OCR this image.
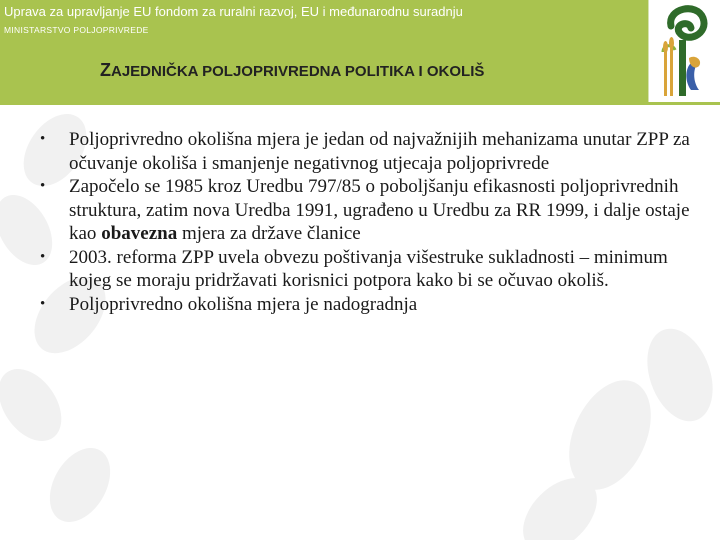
Uprava za upravljanje EU fondom za ruralni razvoj, EU i međunarodnu suradnju
MINISTARSTVO POLJOPRIVREDE
ZAJEDNIČKA POLJOPRIVREDNA POLITIKA I OKOLIŠ
• Poljoprivredno okolišna mjera je jedan od najvažnijih mehanizama unutar ZPP za očuvanje okoliša i smanjenje negativnog utjecaja poljoprivrede
• Započelo se 1985 kroz Uredbu 797/85 o poboljšanju efikasnosti poljoprivrednih struktura, zatim nova Uredba 1991, ugrađeno u Uredbu za RR 1999, i dalje ostaje kao obavezna mjera za države članice
• 2003. reforma ZPP uvela obvezu poštivanja višestruke sukladnosti – minimum kojeg se moraju pridržavati korisnici potpora kako bi se očuvao okoliš.
• Poljoprivredno okolišna mjera je nadogradnja
